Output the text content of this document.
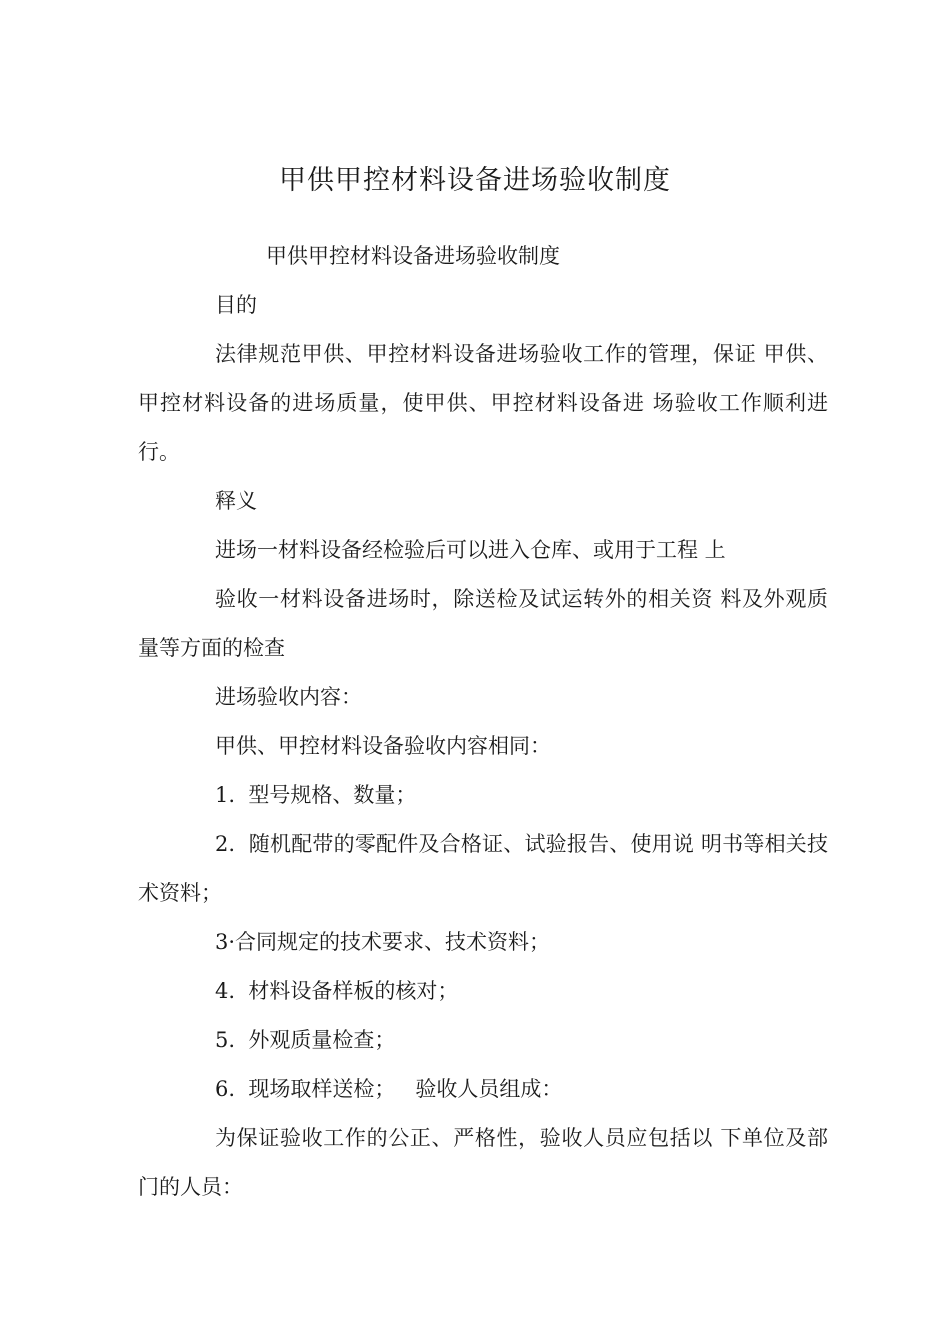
甲供甲控材料设备进场验收制度

甲供甲控材料设备进场验收制度

目的

法律规范甲供、甲控材料设备进场验收工作的管理，保证 甲供、甲控材料设备的进场质量，使甲供、甲控材料设备进 场验收工作顺利进行。

释义

进场一材料设备经检验后可以进入仓库、或用于工程 上

验收一材料设备进场时，除送检及试运转外的相关资 料及外观质量等方面的检查

进场验收内容：

甲供、甲控材料设备验收内容相同：

1.  型号规格、数量；

2.  随机配带的零配件及合格证、试验报告、使用说 明书等相关技术资料；

3·合同规定的技术要求、技术资料；

4.  材料设备样板的核对；

5.  外观质量检查；

6.  现场取样送检；   验收人员组成：

为保证验收工作的公正、严格性，验收人员应包括以 下单位及部门的人员：
